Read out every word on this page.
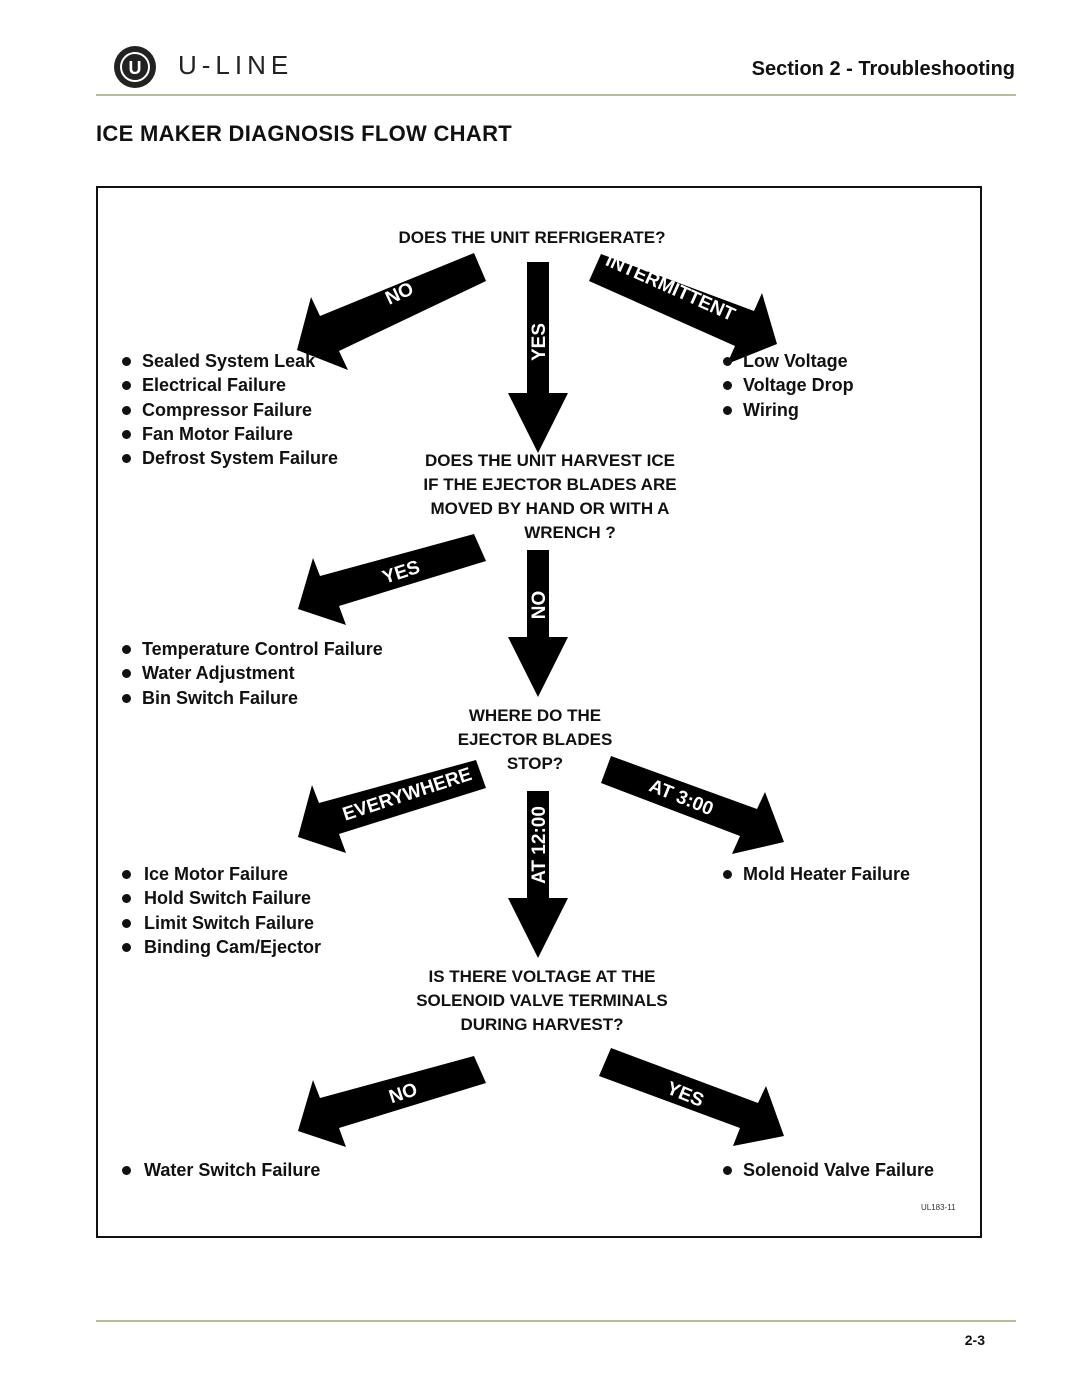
U U-LINE	Section 2 - Troubleshooting
ICE MAKER DIAGNOSIS FLOW CHART
NO
YES
INTERMITTENT
YES
NO
EVERYWHERE
AT 12:00
AT 3:00
NO	YES
DOES THE UNIT REFRIGERATE?
DOES THE UNIT HARVEST ICE
IF THE EJECTOR BLADES ARE
MOVED BY HAND OR WITH A
WRENCH ?
WHERE DO THE
EJECTOR BLADES
STOP?
IS THERE VOLTAGE AT THE
SOLENOID VALVE TERMINALS
DURING HARVEST?
Sealed System Leak
Electrical Failure
Compressor Failure
Fan Motor Failure
Defrost System Failure
Low Voltage
Voltage Drop
Wiring
Temperature Control Failure
Water Adjustment
Bin Switch Failure
Ice Motor Failure
Hold Switch Failure
Limit Switch Failure
Binding Cam/Ejector
Mold Heater Failure
Water Switch Failure	Solenoid Valve Failure
UL183-11
2-3
